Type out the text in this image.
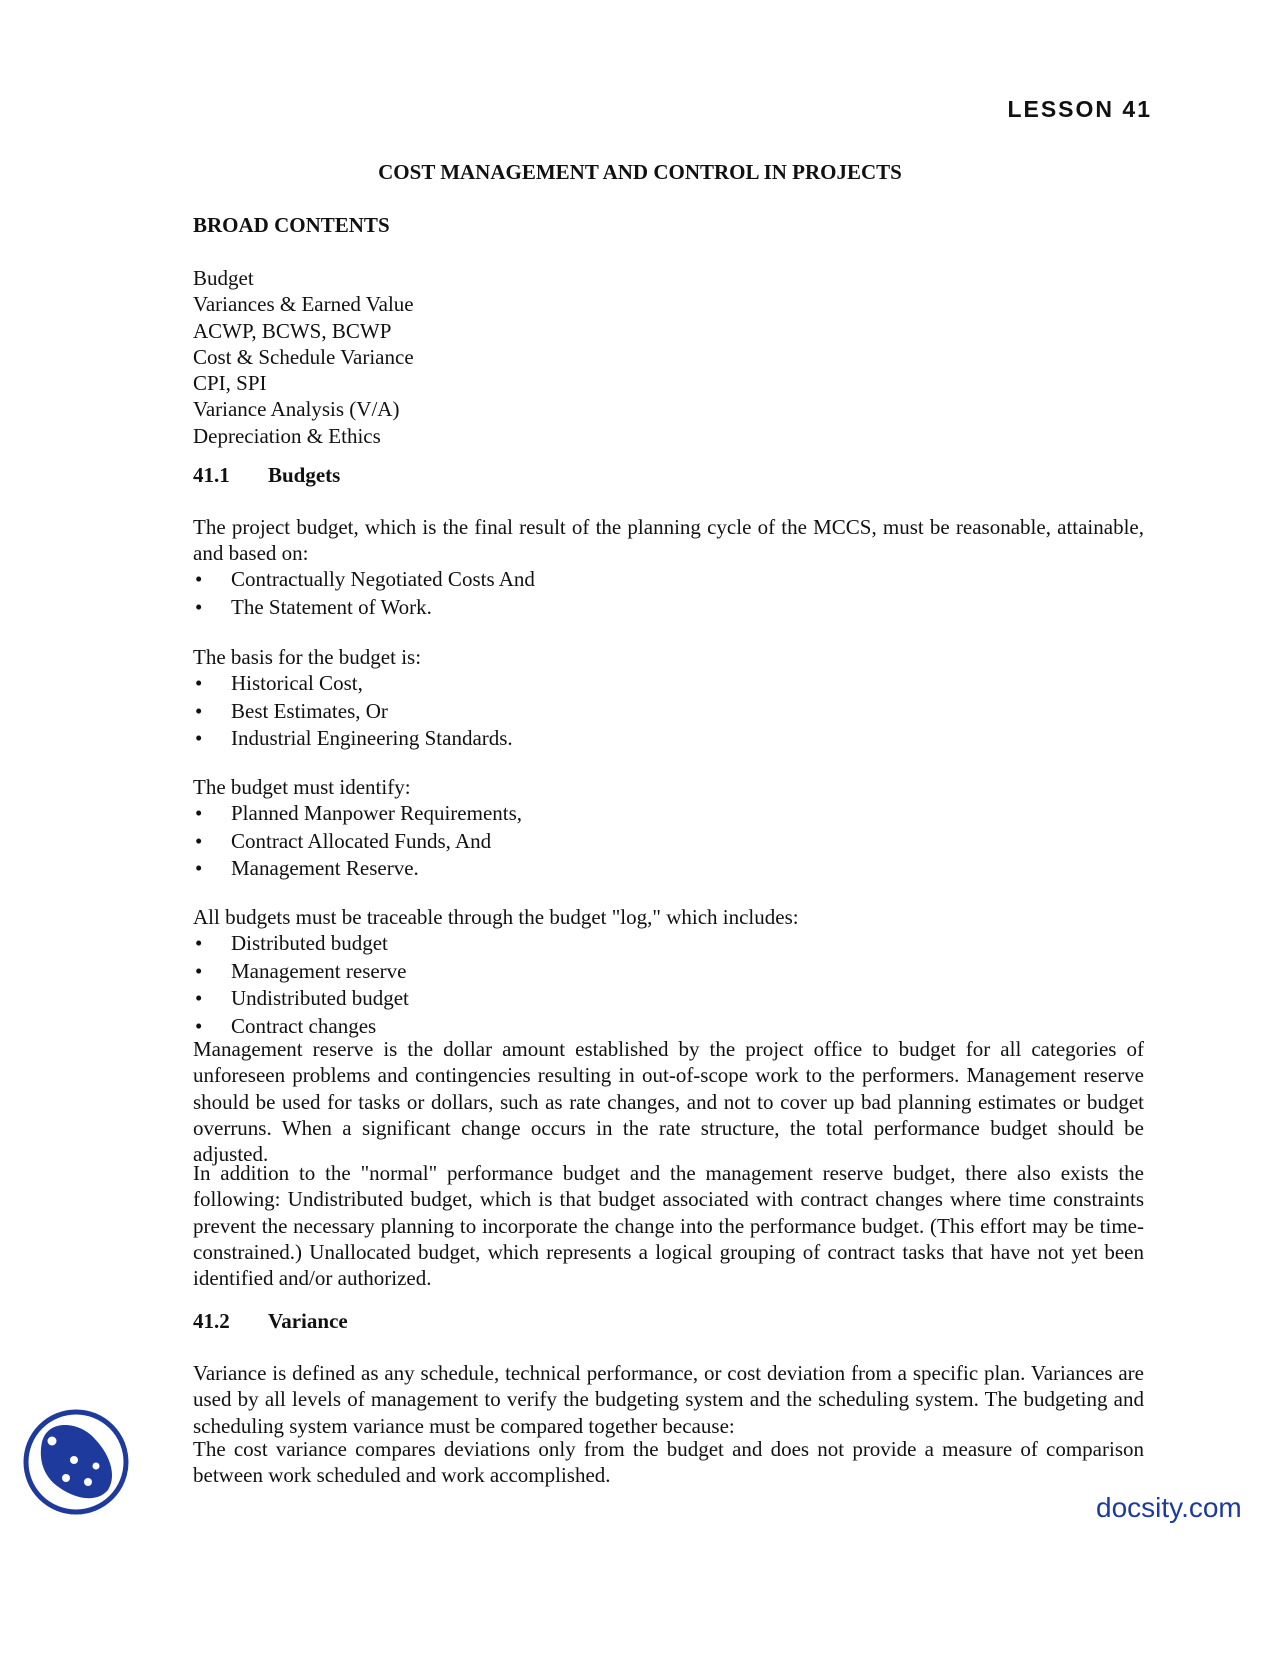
LESSON 41
COST MANAGEMENT AND CONTROL IN PROJECTS
BROAD CONTENTS
Budget
Variances & Earned Value
ACWP, BCWS, BCWP
Cost & Schedule Variance
CPI, SPI
Variance Analysis (V/A)
Depreciation & Ethics
41.1 Budgets
The project budget, which is the final result of the planning cycle of the MCCS, must be reasonable, attainable, and based on:
• Contractually Negotiated Costs And
• The Statement of Work.
The basis for the budget is:
• Historical Cost,
• Best Estimates, Or
• Industrial Engineering Standards.
The budget must identify:
• Planned Manpower Requirements,
• Contract Allocated Funds, And
• Management Reserve.
All budgets must be traceable through the budget "log," which includes:
• Distributed budget
• Management reserve
• Undistributed budget
• Contract changes
Management reserve is the dollar amount established by the project office to budget for all categories of unforeseen problems and contingencies resulting in out-of-scope work to the performers. Management reserve should be used for tasks or dollars, such as rate changes, and not to cover up bad planning estimates or budget overruns. When a significant change occurs in the rate structure, the total performance budget should be adjusted.
In addition to the "normal" performance budget and the management reserve budget, there also exists the following: Undistributed budget, which is that budget associated with contract changes where time constraints prevent the necessary planning to incorporate the change into the performance budget. (This effort may be time-constrained.) Unallocated budget, which represents a logical grouping of contract tasks that have not yet been identified and/or authorized.
41.2 Variance
Variance is defined as any schedule, technical performance, or cost deviation from a specific plan. Variances are used by all levels of management to verify the budgeting system and the scheduling system. The budgeting and scheduling system variance must be compared together because:
The cost variance compares deviations only from the budget and does not provide a measure of comparison between work scheduled and work accomplished.
docsity.com
